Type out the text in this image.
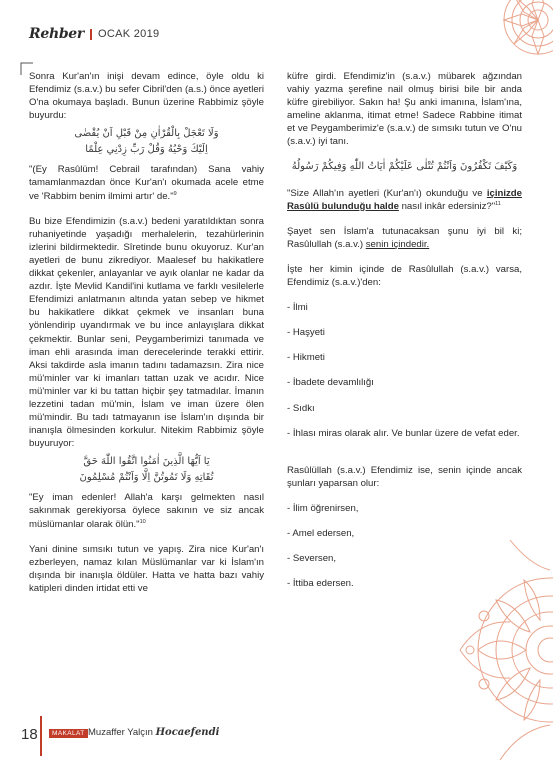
Rehber OCAK 2019

Sonra Kur'an'ın inişi devam edince, öyle oldu ki Efendimiz (s.a.v.) bu sefer Cibril'den (a.s.) önce ayetleri O'na okumaya başladı. Bunun üzerine Rabbimiz şöyle buyurdu:

وَلَا تَعْجَلْ بِالْقُرْاٰنِ مِنْ قَبْلِ اَنْ يُقْضٰى
اِلَيْكَ وَحْيُهُ وَقُلْ رَبِّ زِدْنِي عِلْمًا

"(Ey Rasûlüm! Cebrail tarafından) Sana vahiy tamamlanmazdan önce Kur'an'ı okumada acele etme ve 'Rabbim benim ilmimi artır' de."$^9$

Bu bize Efendimizin (s.a.v.) bedeni yaratıldıktan sonra ruhaniyetinde yaşadığı merhalelerin, tezahürlerinin izlerini bildirmektedir. Sîretinde bunu okuyoruz. Kur'an ayetleri de bunu zikrediyor. Maalesef bu hakikatlere dikkat çekenler, anlayanlar ve ayık olanlar ne kadar da azdır. İşte Mevlid Kandil'ini kutlama ve farklı vesilelerle Efendimizi anlatmanın altında yatan sebep ve hikmet bu hakikatlere dikkat çekmek ve insanları buna yönlendirip uyandırmak ve bu ince anlayışlara dikkat çekmektir. Bunlar seni, Peygamberimizi tanımada ve iman ehli arasında iman derecelerinde terakki ettirir. Aksi takdirde asla imanın tadını tadamazsın. Zira nice mü'minler var ki imanları tattan uzak ve acıdır. Nice mü'minler var ki bu tattan hiçbir şey tatmadılar. İmanın lezzetini tadan mü'min, İslam ve iman üzere ölen mü'mindir. Bu tadı tatmayanın ise İslam'ın dışında bir inanışla ölmesinden korkulur. Nitekim Rabbimiz şöyle buyuruyor:

يَا اَيُّهَا الَّذِينَ اٰمَنُوا اتَّقُوا اللّٰهَ حَقَّ
تُقَاتِهِ وَلَا تَمُوتُنَّ اِلَّا وَاَنْتُمْ مُسْلِمُونَ

"Ey iman edenler! Allah'a karşı gelmekten nasıl sakınmak gerekiyorsa öylece sakının ve siz ancak müslümanlar olarak ölün."$^{10}$

Yani dinine sımsıkı tutun ve yapış. Zira nice Kur'an'ı ezberleyen, namaz kılan Müslümanlar var ki İslam'ın dışında bir inanışla öldüler. Hatta ve hatta bazı vahiy katipleri dinden irtidat etti ve

küfre girdi. Efendimiz'in (s.a.v.) mübarek ağzından vahiy yazma şerefine nail olmuş birisi bile bir anda küfre girebiliyor. Sakın ha! Şu anki imanına, İslam'ına, ameline aklanma, itimat etme! Sadece Rabbine itimat et ve Peygamberimiz'e (s.a.v.) de sımsıkı tutun ve O'nu (s.a.v.) iyi tanı.

وَكَيْفَ تَكْفُرُونَ وَاَنْتُمْ تُتْلٰى عَلَيْكُمْ اٰيَاتُ اللّٰهِ وَفِيكُمْ رَسُولُهُ

"Size Allah'ın ayetleri (Kur'an'ı) okunduğu ve içinizde Rasûlü bulunduğu halde nasıl inkâr edersiniz?"$^{11}$

Şayet sen İslam'a tutunacaksan şunu iyi bil ki; Rasûlullah (s.a.v.) senin içindedir.

İşte her kimin içinde de Rasûlullah (s.a.v.) varsa, Efendimiz (s.a.v.)'den:

- İlmi

- Haşyeti

- Hikmeti

- İbadete devamlılığı

- Sıdkı

- İhlası miras olarak alır. Ve bunlar üzere de vefat eder.

Rasûlüllah (s.a.v.) Efendimiz ise, senin içinde ancak şunları yaparsan olur:

- İlim öğrenirsen,

- Amel edersen,

- Seversen,

- İttiba edersen.

18	MAKALAT Muzaffer Yalçın Hocaefendi
